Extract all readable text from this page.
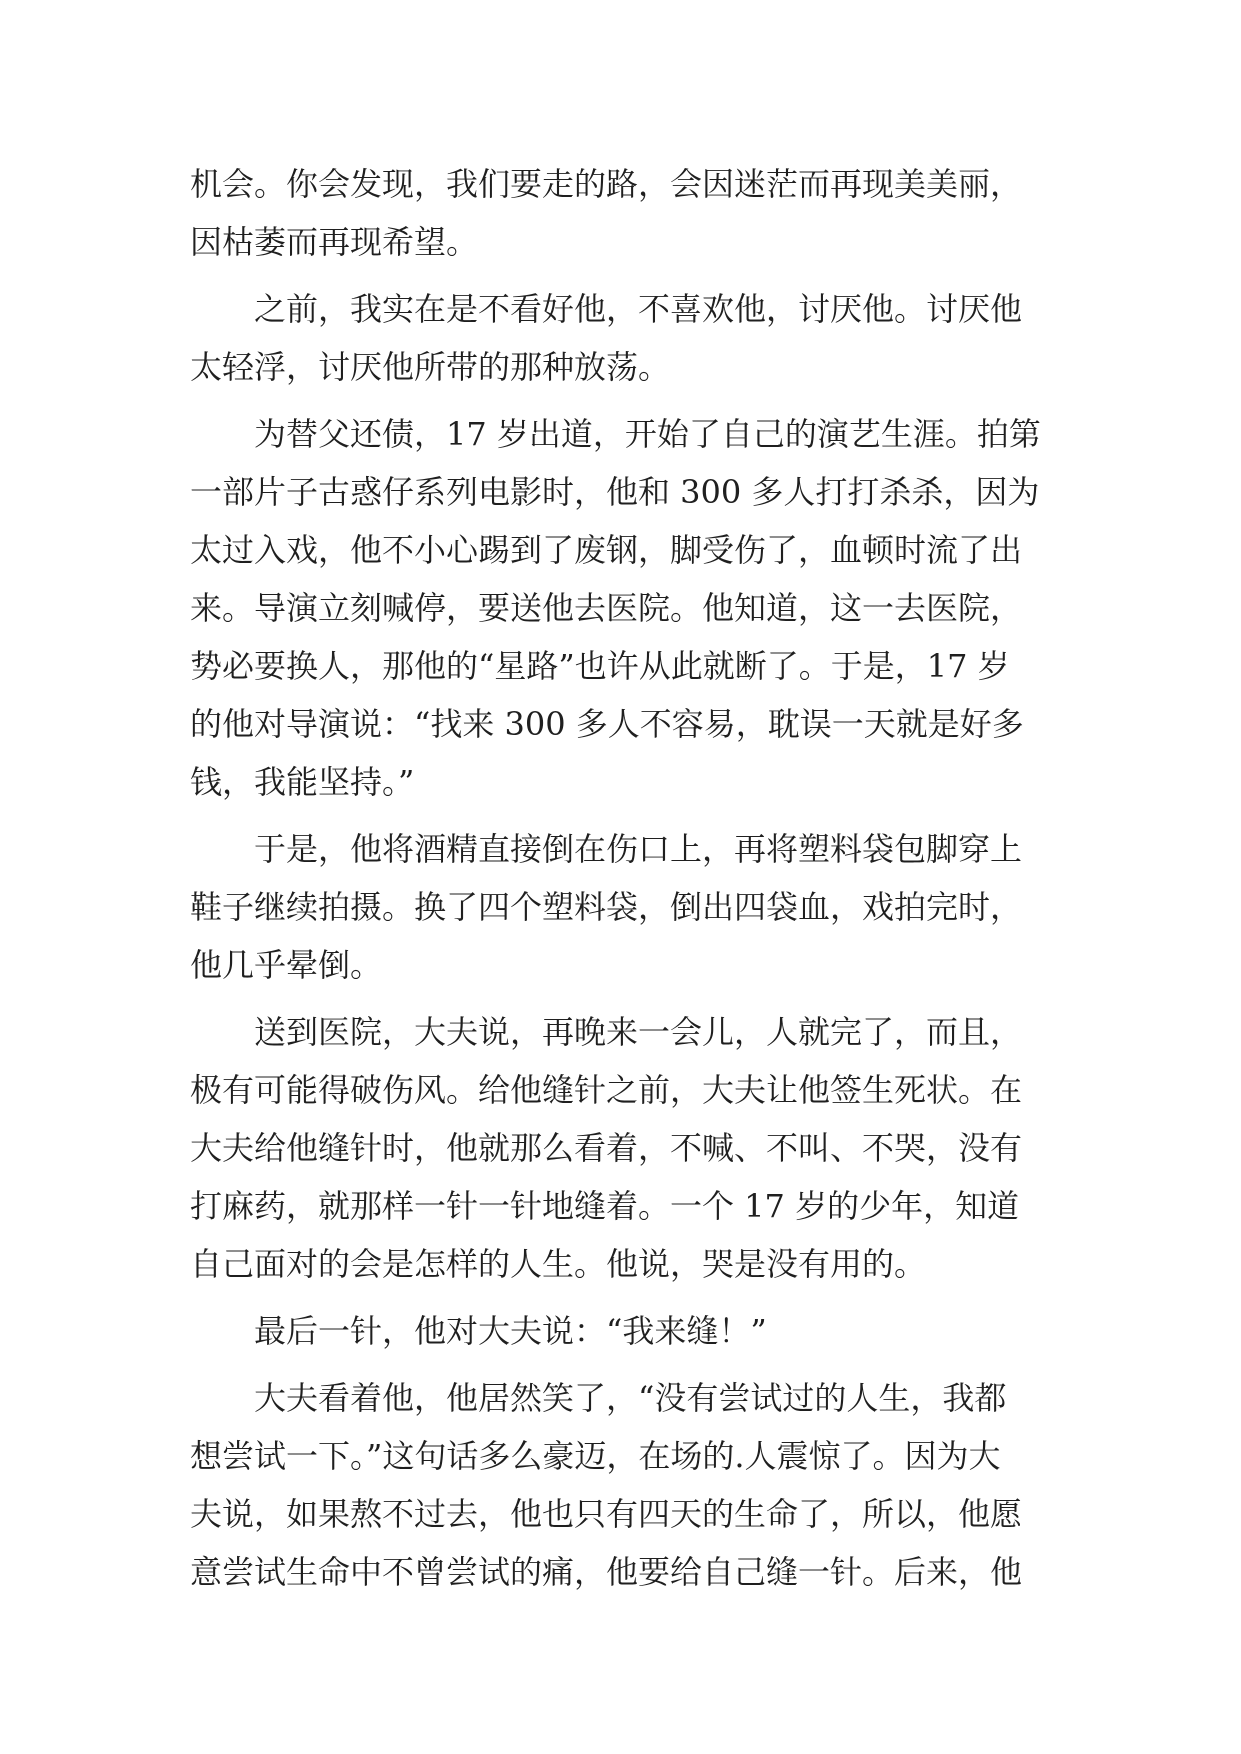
机会。你会发现，我们要走的路，会因迷茫而再现美美丽，
因枯萎而再现希望。
之前，我实在是不看好他，不喜欢他，讨厌他。讨厌他
太轻浮，讨厌他所带的那种放荡。
为替父还债，17 岁出道，开始了自己的演艺生涯。拍第
一部片子古惑仔系列电影时，他和 300 多人打打杀杀，因为
太过入戏，他不小心踢到了废钢，脚受伤了，血顿时流了出
来。导演立刻喊停，要送他去医院。他知道，这一去医院，
势必要换人，那他的“星路”也许从此就断了。于是，17 岁
的他对导演说：“找来 300 多人不容易，耽误一天就是好多
钱，我能坚持。”
于是，他将酒精直接倒在伤口上，再将塑料袋包脚穿上
鞋子继续拍摄。换了四个塑料袋，倒出四袋血，戏拍完时，
他几乎晕倒。
送到医院，大夫说，再晚来一会儿，人就完了，而且，
极有可能得破伤风。给他缝针之前，大夫让他签生死状。在
大夫给他缝针时，他就那么看着，不喊、不叫、不哭，没有
打麻药，就那样一针一针地缝着。一个 17 岁的少年，知道
自己面对的会是怎样的人生。他说，哭是没有用的。
最后一针，他对大夫说：“我来缝！”
大夫看着他，他居然笑了，“没有尝试过的人生，我都
想尝试一下。”这句话多么豪迈，在场的.人震惊了。因为大
夫说，如果熬不过去，他也只有四天的生命了，所以，他愿
意尝试生命中不曾尝试的痛，他要给自己缝一针。后来，他
